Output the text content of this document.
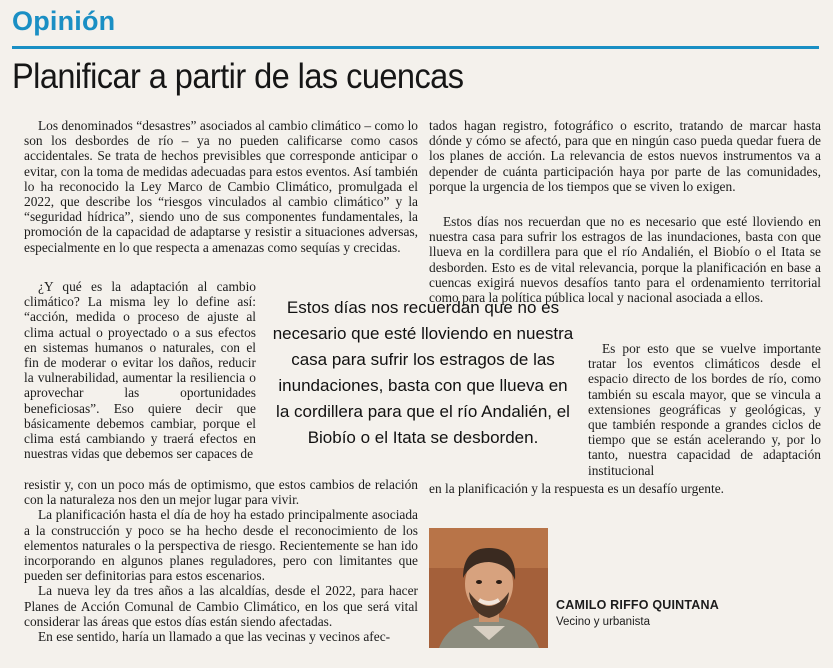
Opinión
Planificar a partir de las cuencas

Los denominados “desastres” asociados al cambio climático – como lo son los desbordes de río – ya no pueden calificarse como casos accidentales. Se trata de hechos previsibles que corresponde anticipar o evitar, con la toma de medidas adecuadas para estos eventos. Así también lo ha reconocido la Ley Marco de Cambio Climático, promulgada el 2022, que describe los “riesgos vinculados al cambio climático” y la “seguridad hídrica”, siendo uno de sus componentes fundamentales, la promoción de la capacidad de adaptarse y resistir a situaciones adversas, especialmente en lo que respecta a amenazas como sequías y crecidas.

¿Y qué es la adaptación al cambio climático? La misma ley lo define así: “acción, medida o proceso de ajuste al clima actual o proyectado o a sus efectos en sistemas humanos o naturales, con el fin de moderar o evitar los daños, reducir la vulnerabilidad, aumentar la resiliencia o aprovechar las oportunidades beneficiosas”. Eso quiere decir que básicamente debemos cambiar, porque el clima está cambiando y traerá efectos en nuestras vidas que debemos ser capaces de

resistir y, con un poco más de optimismo, que estos cambios de relación con la naturaleza nos den un mejor lugar para vivir.

La planificación hasta el día de hoy ha estado principalmente asociada a la construcción y poco se ha hecho desde el reconocimiento de los elementos naturales o la perspectiva de riesgo. Recientemente se han ido incorporando en algunos planes reguladores, pero con limitantes que pueden ser definitorias para estos escenarios.

La nueva ley da tres años a las alcaldías, desde el 2022, para hacer Planes de Acción Comunal de Cambio Climático, en los que será vital considerar las áreas que estos días están siendo afectadas.

En ese sentido, haría un llamado a que las vecinas y vecinos afec-

tados hagan registro, fotográfico o escrito, tratando de marcar hasta dónde y cómo se afectó, para que en ningún caso pueda quedar fuera de los planes de acción. La relevancia de estos nuevos instrumentos va a depender de cuánta participación haya por parte de las comunidades, porque la urgencia de los tiempos que se viven lo exigen.

Estos días nos recuerdan que no es necesario que esté lloviendo en nuestra casa para sufrir los estragos de las inundaciones, basta con que llueva en la cordillera para que el río Andalién, el Biobío o el Itata se desborden. Esto es de vital relevancia, porque la planificación en base a cuencas exigirá nuevos desafíos tanto para el ordenamiento territorial como para la política pública local y nacional asociada a ellos.

Es por esto que se vuelve importante tratar los eventos climáticos desde el espacio directo de los bordes de río, como también su escala mayor, que se vincula a extensiones geográficas y geológicas, y que también responde a grandes ciclos de tiempo que se están acelerando y, por lo tanto, nuestra capacidad de adaptación institucional

en la planificación y la respuesta es un desafío urgente.

Estos días nos recuerdan que no es necesario que esté lloviendo en nuestra casa para sufrir los estragos de las inundaciones, basta con que llueva en la cordillera para que el río Andalién, el Biobío o el Itata se desborden.
CAMILO RIFFO QUINTANA
Vecino y urbanista
